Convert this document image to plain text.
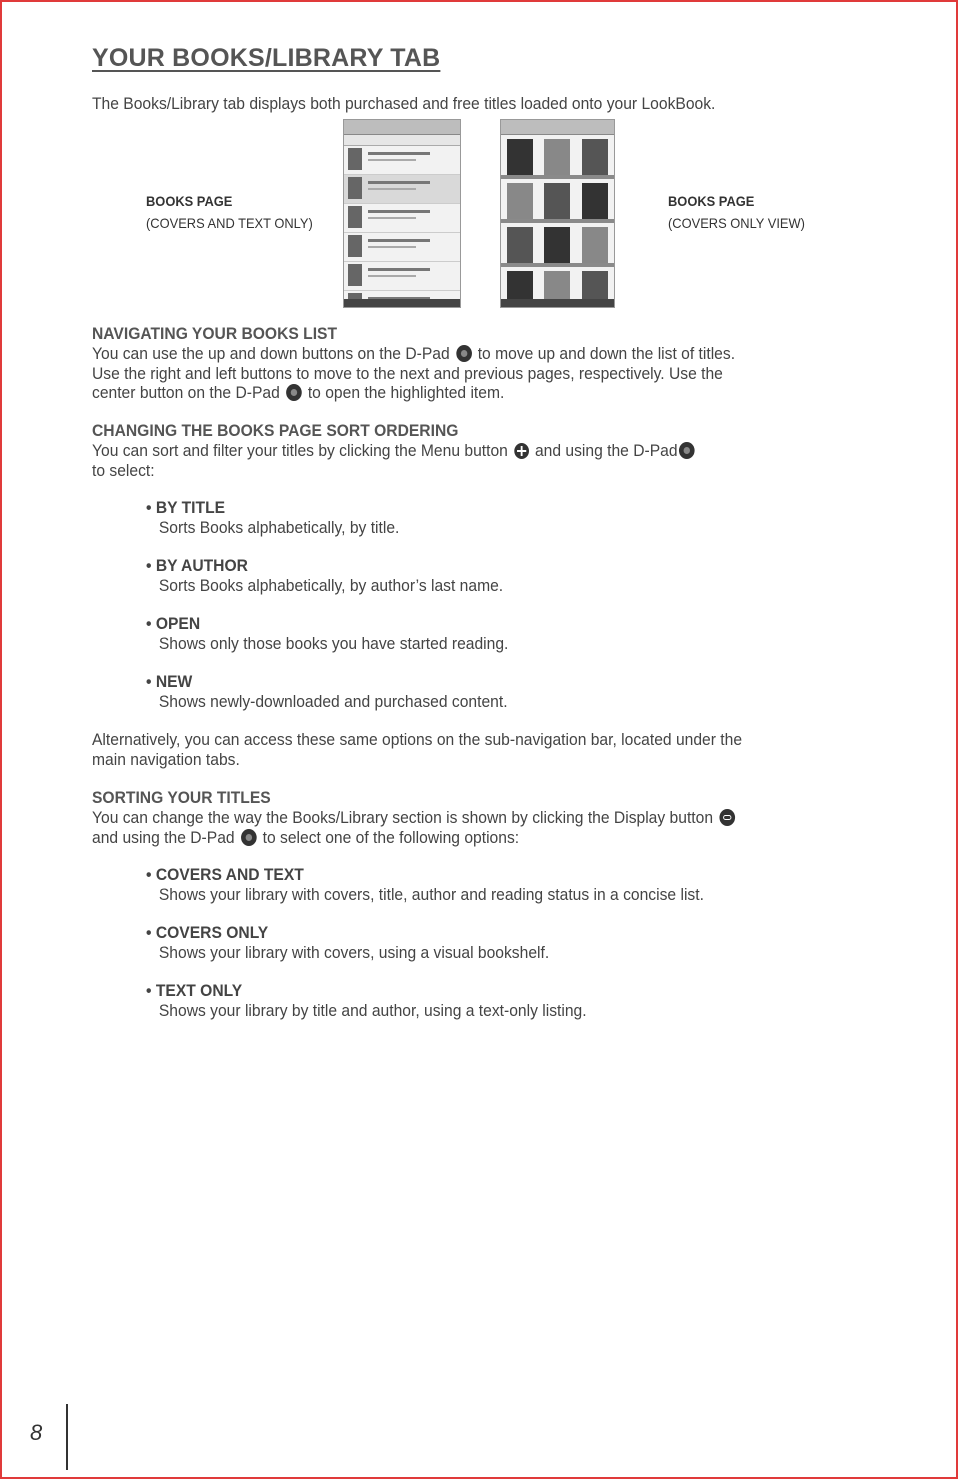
YOUR BOOKS/LIBRARY TAB
The Books/Library tab displays both purchased and free titles loaded onto your LookBook.
BOOKS PAGE
(COVERS AND TEXT ONLY)
BOOKS PAGE
(COVERS ONLY VIEW)
NAVIGATING YOUR BOOKS LIST
You can use the up and down buttons on the D-Pad to move up and down the list of titles.
Use the right and left buttons to move to the next and previous pages, respectively. Use the
center button on the D-Pad to open the highlighted item.
CHANGING THE BOOKS PAGE SORT ORDERING
You can sort and filter your titles by clicking the Menu button and using the D-Pad
to select:
• BY TITLE
Sorts Books alphabetically, by title.
• BY AUTHOR
Sorts Books alphabetically, by author’s last name.
• OPEN
Shows only those books you have started reading.
• NEW
Shows newly-downloaded and purchased content.
Alternatively, you can access these same options on the sub-navigation bar, located under the
main navigation tabs.
SORTING YOUR TITLES
You can change the way the Books/Library section is shown by clicking the Display button
and using the D-Pad to select one of the following options:
• COVERS AND TEXT
Shows your library with covers, title, author and reading status in a concise list.
• COVERS ONLY
Shows your library with covers, using a visual bookshelf.
• TEXT ONLY
Shows your library by title and author, using a text-only listing.
8
